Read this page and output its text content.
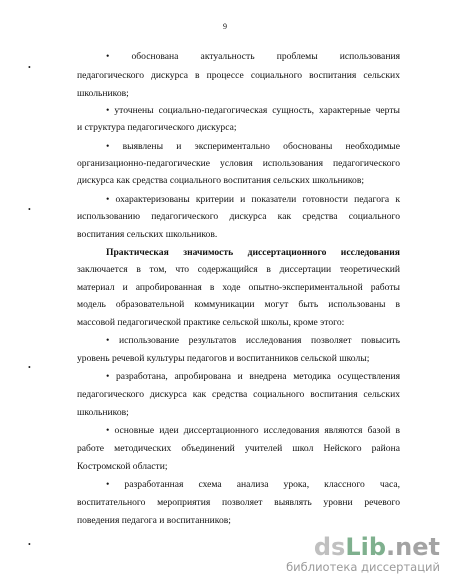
9
• обоснована актуальность проблемы использования
педагогического дискурса в процессе социального воспитания сельских
школьников;
• уточнены социально-педагогическая сущность, характерные черты
и структура педагогического дискурса;
• выявлены и экспериментально обоснованы необходимые
организационно-педагогические условия использования педагогического
дискурса как средства социального воспитания сельских школьников;
• охарактеризованы критерии и показатели готовности педагога к
использованию педагогического дискурса как средства социального
воспитания сельских школьников.
Практическая значимость диссертационного исследования
заключается в том, что содержащийся в диссертации теоретический
материал и апробированная в ходе опытно-экспериментальной работы
модель образовательной коммуникации могут быть использованы в
массовой педагогической практике сельской школы, кроме этого:
• использование результатов исследования позволяет повысить
уровень речевой культуры педагогов и воспитанников сельской школы;
• разработана, апробирована и внедрена методика осуществления
педагогического дискурса как средства социального воспитания сельских
школьников;
• основные идеи диссертационного исследования являются базой в
работе методических объединений учителей школ Нейского района
Костромской области;
• разработанная схема анализа урока, классного часа,
воспитательного мероприятия позволяет выявлять уровни речевого
поведения педагога и воспитанников;
•
•
•
•	dsLib.net
библиотека диссертаций
